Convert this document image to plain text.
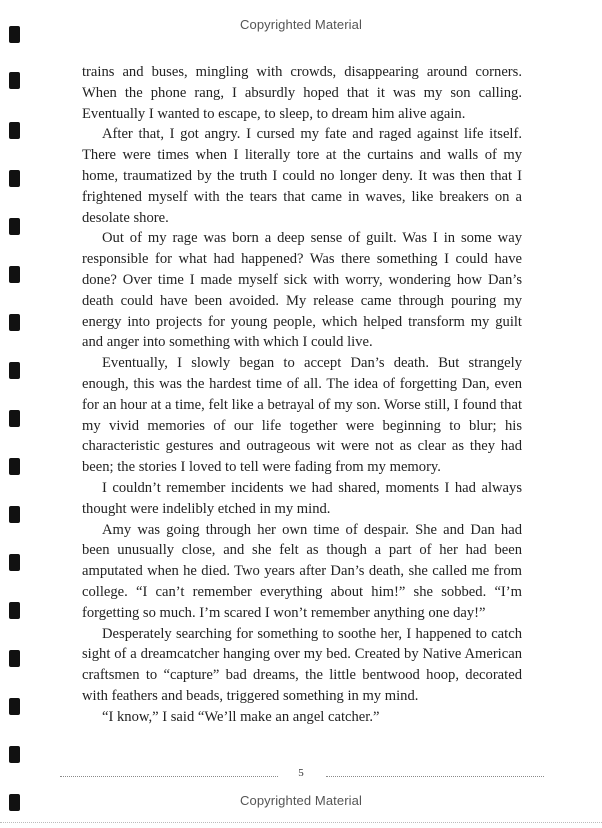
Copyrighted Material

trains and buses, mingling with crowds, disappearing around corners. When the phone rang, I absurdly hoped that it was my son calling. Eventually I wanted to escape, to sleep, to dream him alive again.

After that, I got angry. I cursed my fate and raged against life itself. There were times when I literally tore at the curtains and walls of my home, traumatized by the truth I could no longer deny. It was then that I frightened myself with the tears that came in waves, like breakers on a desolate shore.

Out of my rage was born a deep sense of guilt. Was I in some way responsible for what had happened? Was there something I could have done? Over time I made myself sick with worry, wondering how Dan’s death could have been avoided. My release came through pouring my energy into projects for young people, which helped transform my guilt and anger into something with which I could live.

Eventually, I slowly began to accept Dan’s death. But strangely enough, this was the hardest time of all. The idea of forgetting Dan, even for an hour at a time, felt like a betrayal of my son. Worse still, I found that my vivid memories of our life together were beginning to blur; his characteristic gestures and outrageous wit were not as clear as they had been; the stories I loved to tell were fading from my memory.

I couldn’t remember incidents we had shared, moments I had always thought were indelibly etched in my mind.

Amy was going through her own time of despair. She and Dan had been unusually close, and she felt as though a part of her had been amputated when he died. Two years after Dan’s death, she called me from college. “I can’t remember everything about him!” she sobbed. “I’m forgetting so much. I’m scared I won’t remember anything one day!”

Desperately searching for something to soothe her, I happened to catch sight of a dreamcatcher hanging over my bed. Created by Native American craftsmen to “capture” bad dreams, the little bentwood hoop, decorated with feathers and beads, triggered something in my mind.

“I know,” I said “We’ll make an angel catcher.”

5
Copyrighted Material
